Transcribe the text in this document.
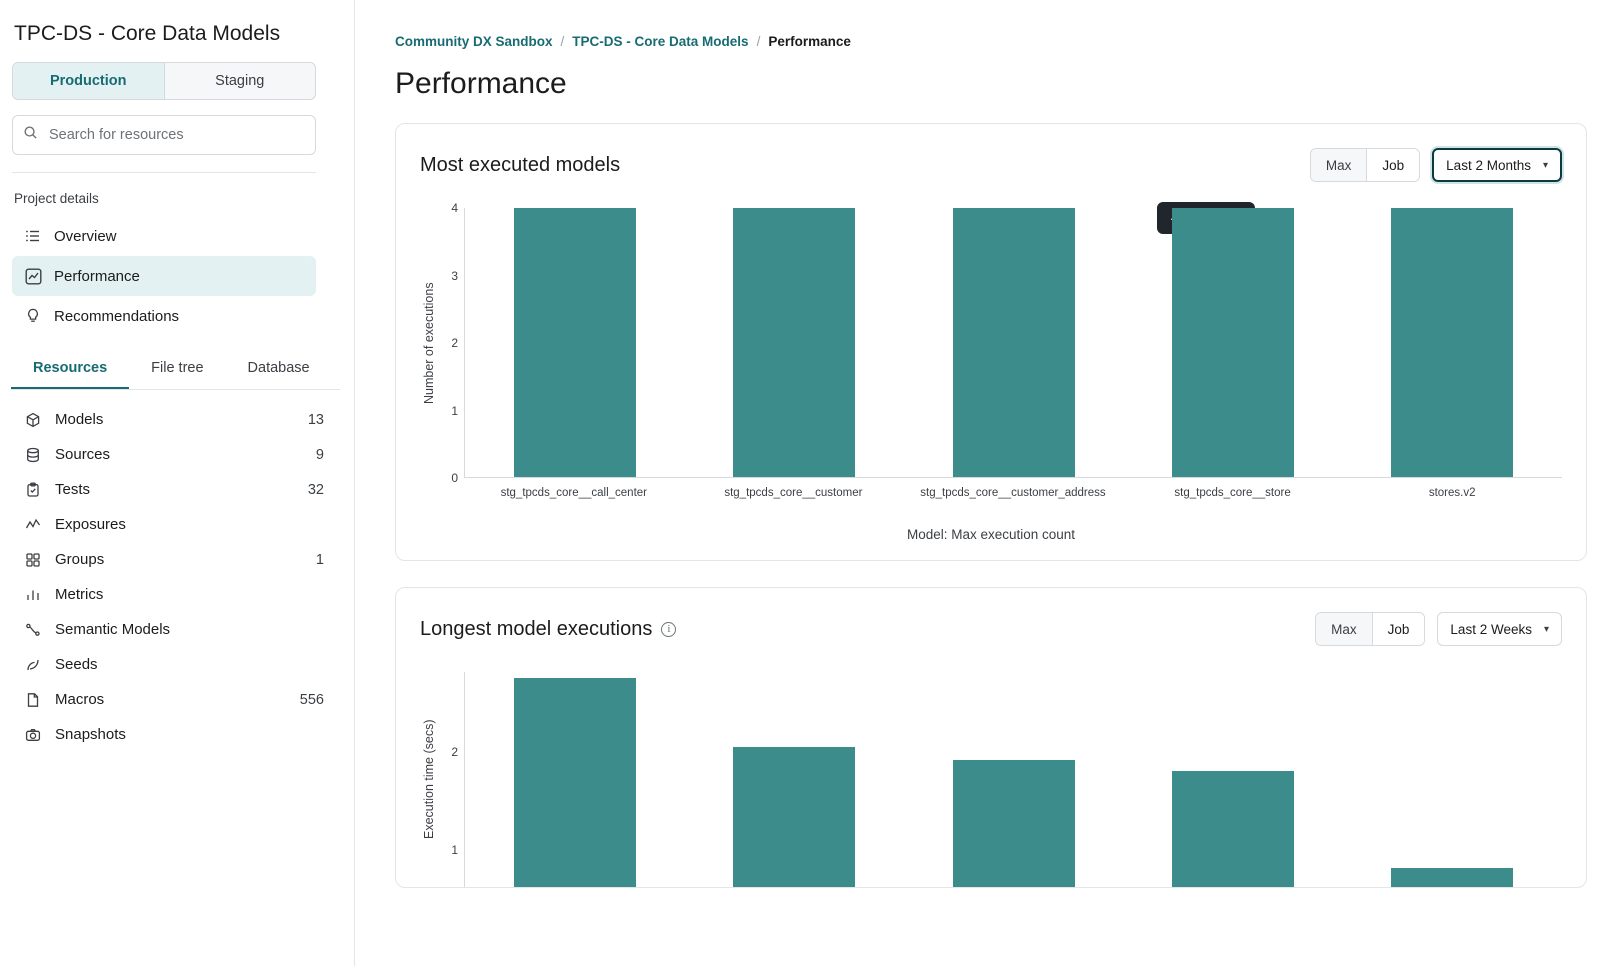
TPC-DS - Core Data Models
Production	Staging
Search for resources
Project details
Overview
Performance
Recommendations
Resources	File tree	Database
Models	13
Sources	9
Tests	32
Exposures
Groups	1
Metrics
Semantic Models
Seeds
Macros	556
Snapshots
Community DX Sandbox / TPC-DS - Core Data Models / Performance
Performance
Most executed models	Max	Job	Last 2 Months ▾
Number of executions
4
3
2
1
0
stg_tpcds_core__call_center	stg_tpcds_core__customer	stg_tpcds_core__customer_address	stg_tpcds_core__store	stores.v2
Model: Max execution count
Longest model executions	i	Max	Job	Last 2 Weeks ▾
Execution time (secs) 2
1
